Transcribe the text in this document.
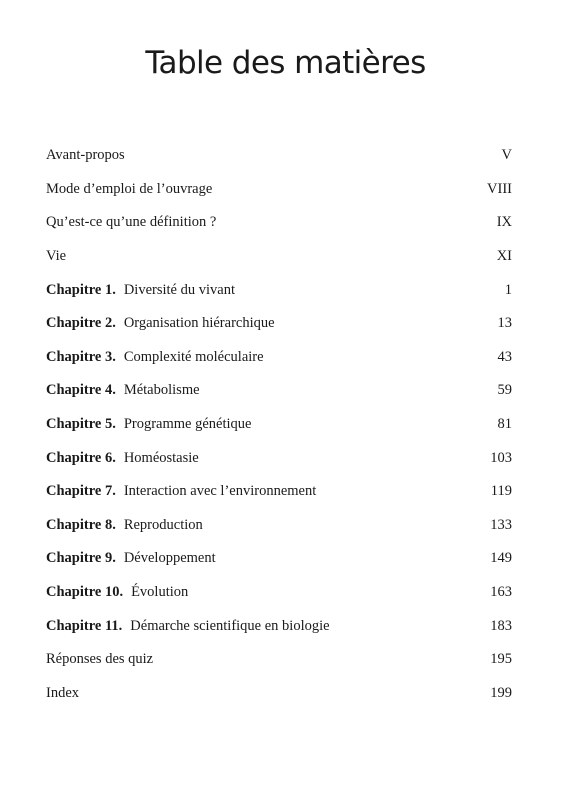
Table des matières
Avant-propos	V
Mode d’emploi de l’ouvrage	VIII
Qu’est-ce qu’une définition ?	IX
Vie	XI
Chapitre 1. Diversité du vivant	1
Chapitre 2. Organisation hiérarchique	13
Chapitre 3. Complexité moléculaire	43
Chapitre 4. Métabolisme	59
Chapitre 5. Programme génétique	81
Chapitre 6. Homéostasie	103
Chapitre 7. Interaction avec l’environnement	119
Chapitre 8. Reproduction	133
Chapitre 9. Développement	149
Chapitre 10. Évolution	163
Chapitre 11. Démarche scientifique en biologie	183
Réponses des quiz	195
Index	199
